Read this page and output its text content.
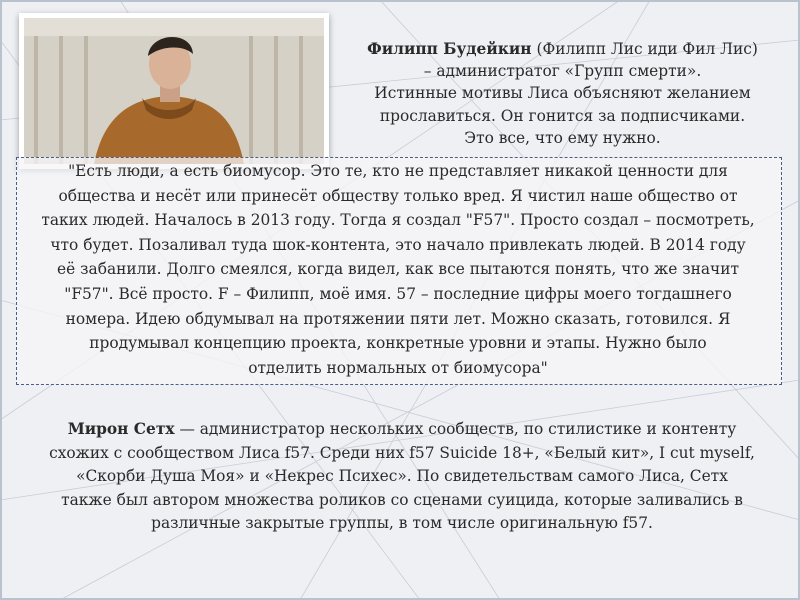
Филипп Будейкин (Филипп Лис иди Фил Лис)
– администратог «Групп смерти».
Истинные мотивы Лиса объясняют желанием
прославиться. Он гонится за подписчиками.
Это все, что ему нужно.
"Есть люди, а есть биомусор. Это те, кто не представляет никакой ценности для
общества и несёт или принесёт обществу только вред. Я чистил наше общество от
таких людей. Началось в 2013 году. Тогда я создал "F57". Просто создал – посмотреть,
что будет. Позаливал туда шок-контента, это начало привлекать людей. В 2014 году
её забанили. Долго смеялся, когда видел, как все пытаются понять, что же значит
"F57". Всё просто. F – Филипп, моё имя. 57 – последние цифры моего тогдашнего
номера. Идею обдумывал на протяжении пяти лет. Можно сказать, готовился. Я
продумывал концепцию проекта, конкретные уровни и этапы. Нужно было
отделить нормальных от биомусора"
Мирон Сетх — администратор нескольких сообществ, по стилистике и контенту
схожих с сообществом Лиса f57. Среди них f57 Suicide 18+, «Белый кит», I cut myself,
«Скорби Душа Моя» и «Некрес Психес». По свидетельствам самого Лиса, Сетх
также был автором множества роликов со сценами суицида, которые заливались в
различные закрытые группы, в том числе оригинальную f57.
